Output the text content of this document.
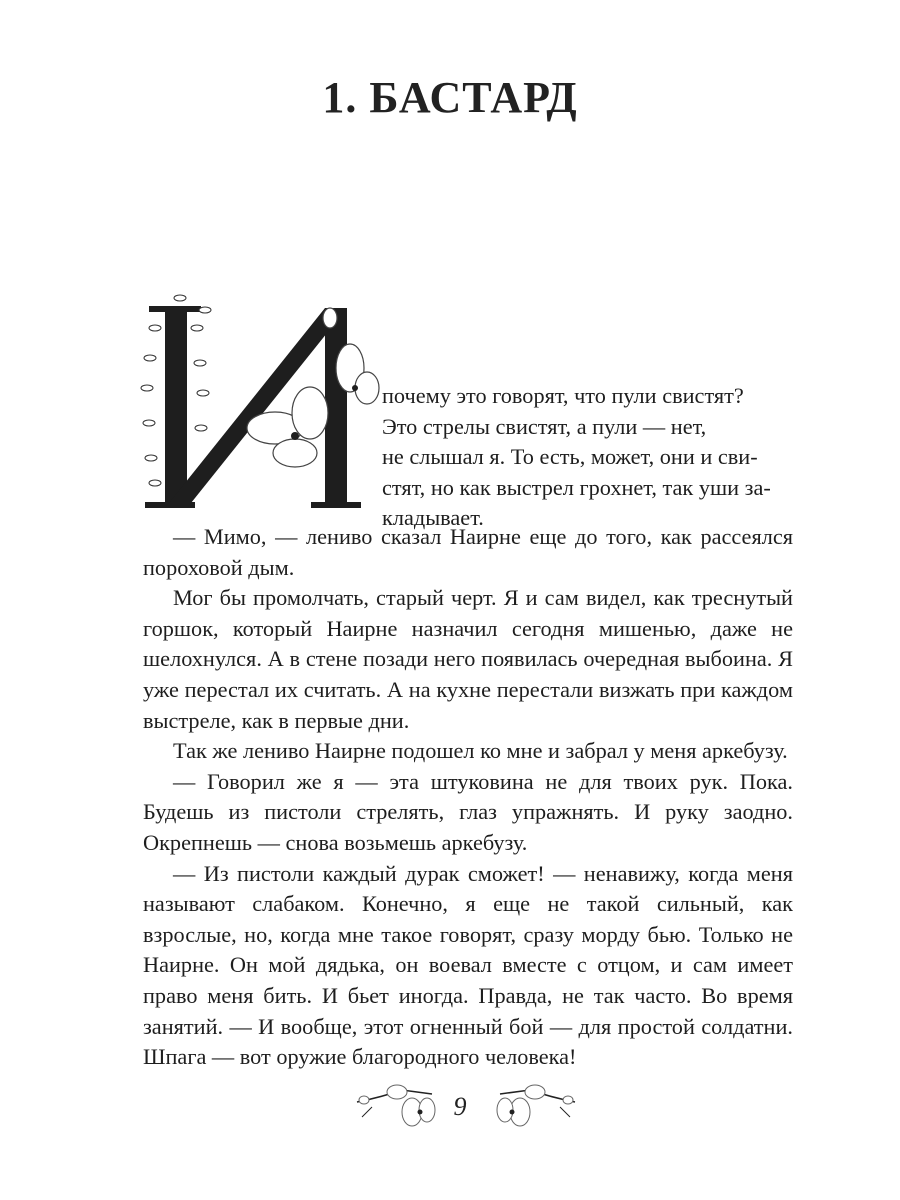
1. БАСТАРД

почему это говорят, что пули свистят?

Это стрелы свистят, а пули — нет,

не слышал я. То есть, может, они и сви-

стят, но как выстрел грохнет, так уши за-

кладывает.

— Мимо, — лениво сказал Наирне еще до того, как рассеялся пороховой дым.

Мог бы промолчать, старый черт. Я и сам видел, как треснутый горшок, который Наирне назначил сегодня мишенью, даже не шелохнулся. А в стене позади него появилась очередная выбоина. Я уже перестал их считать. А на кухне перестали визжать при каждом выстреле, как в первые дни.

Так же лениво Наирне подошел ко мне и забрал у меня аркебузу.

— Говорил же я — эта штуковина не для твоих рук. Пока. Будешь из пистоли стрелять, глаз упражнять. И руку заодно. Окрепнешь — снова возьмешь аркебузу.

— Из пистоли каждый дурак сможет! — ненавижу, когда меня называют слабаком. Конечно, я еще не такой сильный, как взрослые, но, когда мне такое говорят, сразу морду бью. Только не Наирне. Он мой дядька, он воевал вместе с отцом, и сам имеет право меня бить. И бьет иногда. Правда, не так часто. Во время занятий. — И вообще, этот огненный бой — для простой солдатни. Шпага — вот оружие благородного человека!

9
